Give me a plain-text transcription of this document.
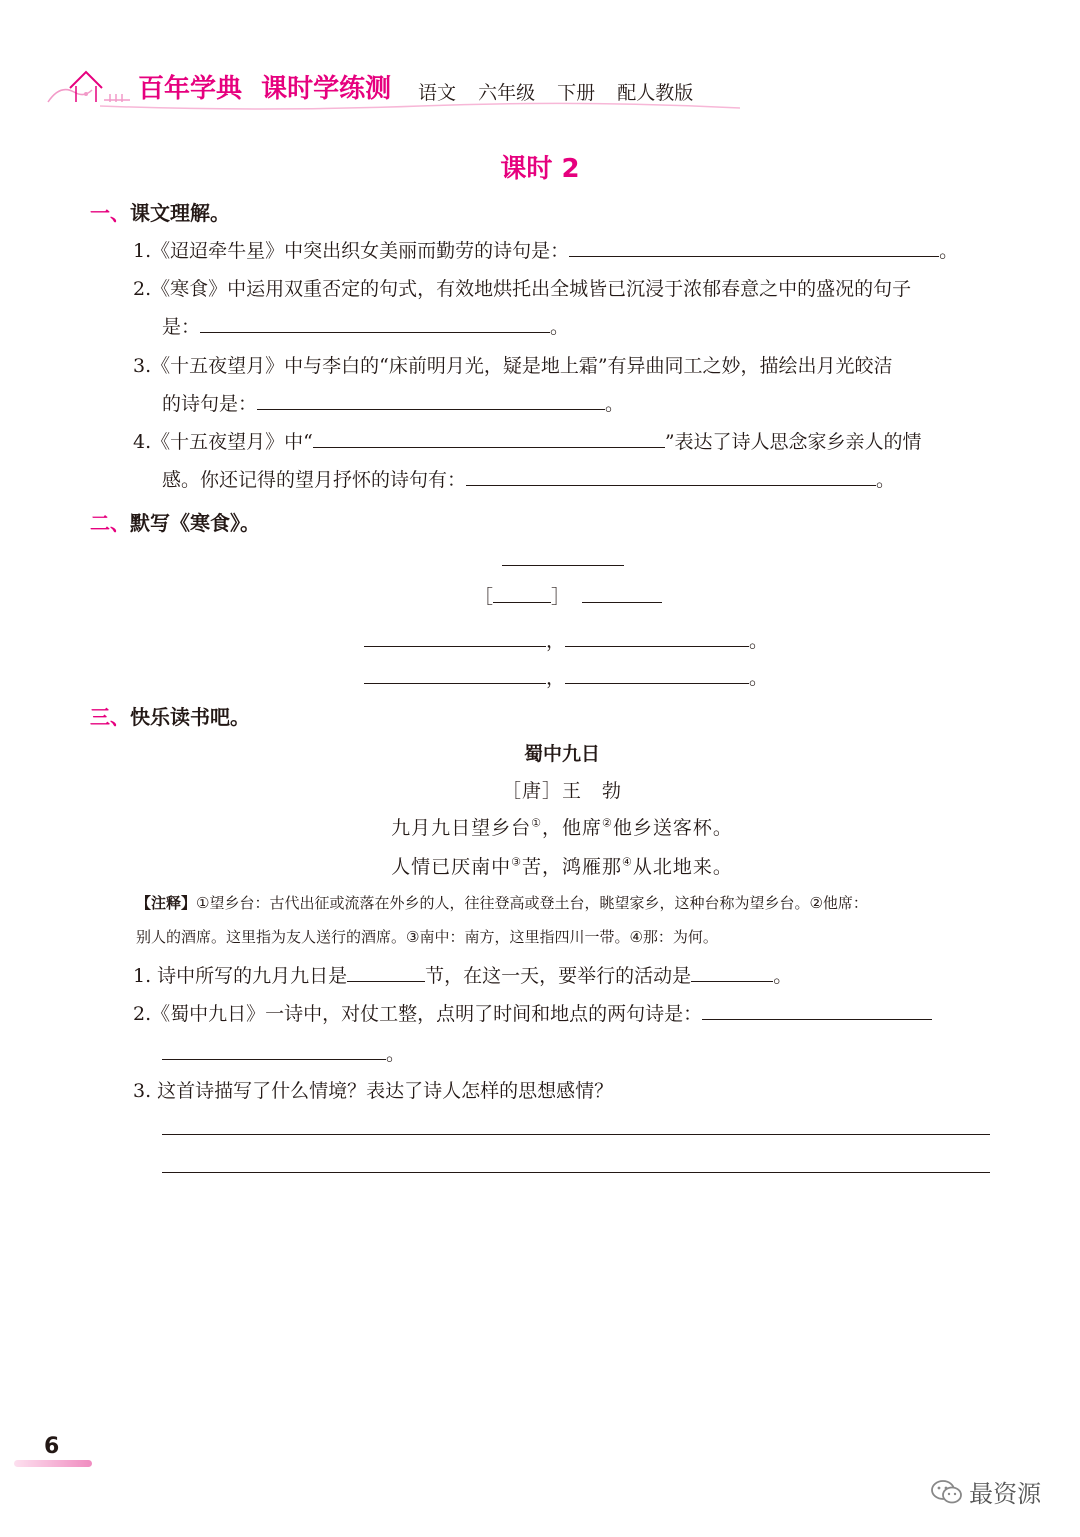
百年学典 课时学练测 语文 六年级 下册 配人教版
课时 2
一、课文理解。
1.《迢迢牵牛星》中突出织女美丽而勤劳的诗句是：	。
2.《寒食》中运用双重否定的句式，有效地烘托出全城皆已沉浸于浓郁春意之中的盛况的句子
是：	。
3.《十五夜望月》中与李白的“床前明月光，疑是地上霜”有异曲同工之妙，描绘出月光皎洁
的诗句是：	。
4.《十五夜望月》中“	”表达了诗人思念家乡亲人的情
感。你还记得的望月抒怀的诗句有：	。
二、默写《寒食》。
［	］
，	。
，	。
三、快乐读书吧。
蜀中九日
［唐］王　勃
九月九日望乡台①，他席②他乡送客杯。
人情已厌南中③苦，鸿雁那④从北地来。
【注释】①望乡台：古代出征或流落在外乡的人，往往登高或登土台，眺望家乡，这种台称为望乡台。②他席：
别人的酒席。这里指为友人送行的酒席。③南中：南方，这里指四川一带。④那：为何。
1. 诗中所写的九月九日是	节，在这一天，要举行的活动是	。
2.《蜀中九日》一诗中，对仗工整，点明了时间和地点的两句诗是：
。
3. 这首诗描写了什么情境？表达了诗人怎样的思想感情？
6
最资源
